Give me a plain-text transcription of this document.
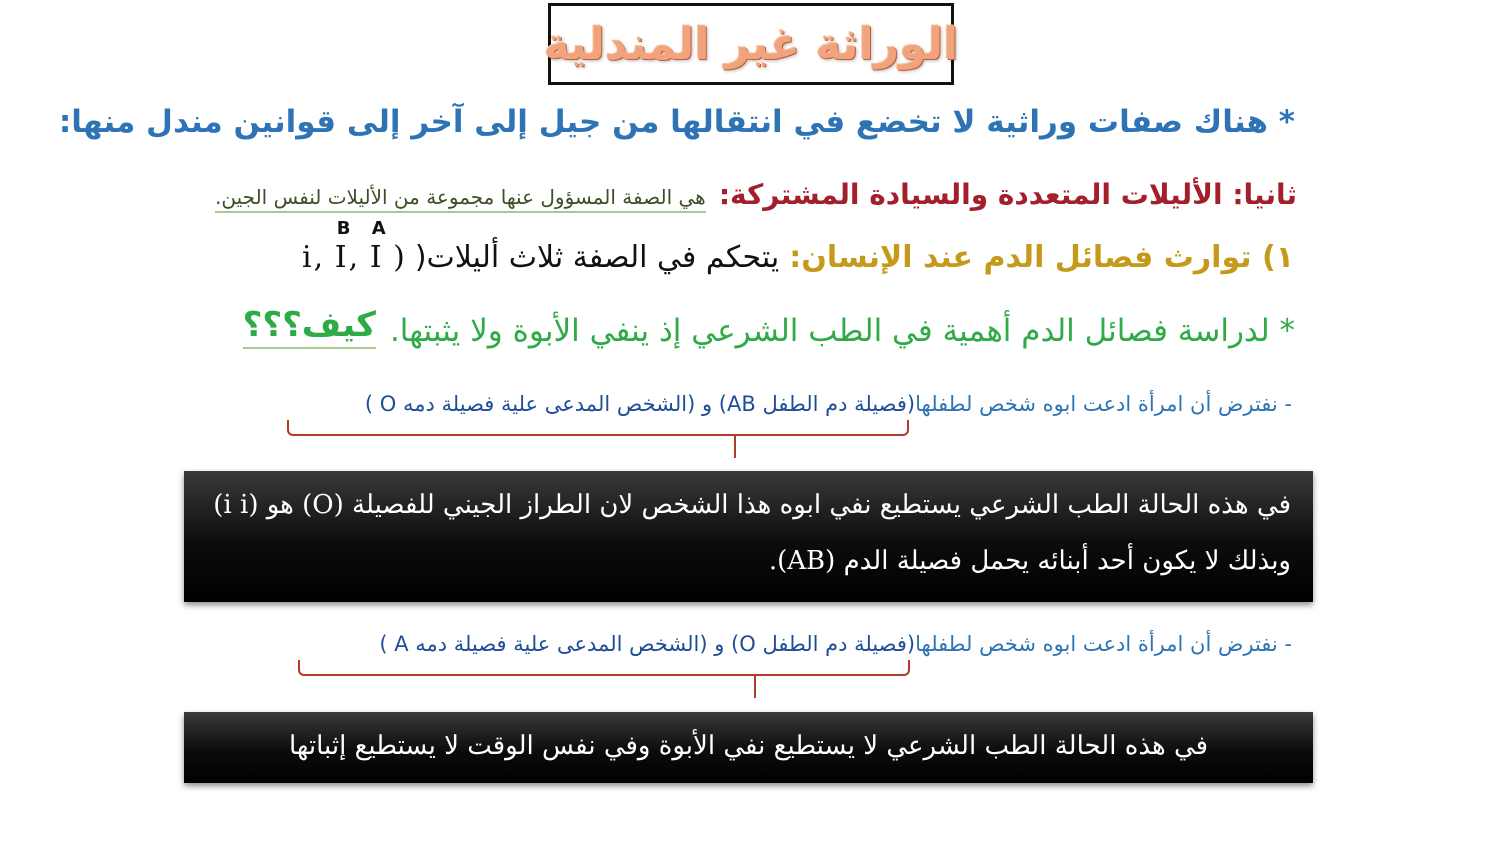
الوراثة غير المندلية
* هناك صفات وراثية لا تخضع في انتقالها من جيل إلى آخر إلى قوانين مندل منها:
ثانيا: الأليلات المتعددة والسيادة المشتركة: هي الصفة المسؤول عنها مجموعة من الأليلات لنفس الجين.
١) توارث فصائل الدم عند الإنسان:
يتحكم في الصفة ثلاث أليلات(
i,
B
I,
A
I )
* لدراسة فصائل الدم أهمية في الطب الشرعي إذ ينفي الأبوة ولا يثبتها.
كيف؟؟؟
- نفترض أن امرأة ادعت ابوه شخص لطفلها(فصيلة دم الطفل AB) و (الشخص المدعى علية فصيلة دمه O )

في هذه الحالة الطب الشرعي يستطيع نفي ابوه هذا الشخص لان الطراز الجيني للفصيلة (O) هو (i i)

وبذلك لا يكون أحد أبنائه يحمل فصيلة الدم (AB).

- نفترض أن امرأة ادعت ابوه شخص لطفلها(فصيلة دم الطفل O) و (الشخص المدعى علية فصيلة دمه A )

في هذه الحالة الطب الشرعي لا يستطيع نفي الأبوة وفي نفس الوقت لا يستطيع إثباتها
